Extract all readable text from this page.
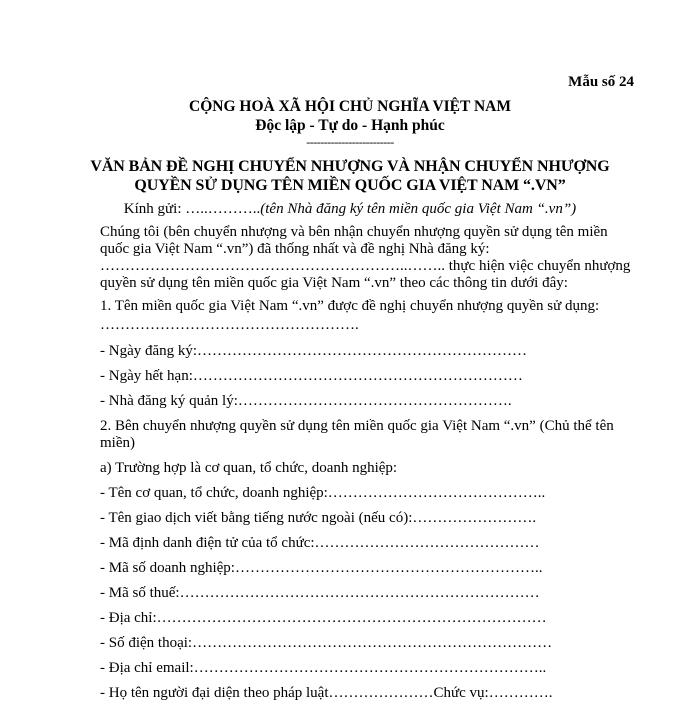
Mẫu số 24
CỘNG HOÀ XÃ HỘI CHỦ NGHĨA VIỆT NAM
Độc lập - Tự do - Hạnh phúc
-------------------------
VĂN BẢN ĐỀ NGHỊ CHUYỂN NHƯỢNG VÀ NHẬN CHUYỂN NHƯỢNG
QUYỀN SỬ DỤNG TÊN MIỀN QUỐC GIA VIỆT NAM “.VN”
Kính gửi: …..………..(tên Nhà đăng ký tên miền quốc gia Việt Nam “.vn”)

Chúng tôi (bên chuyển nhượng và bên nhận chuyển nhượng quyền sử dụng tên miền quốc gia Việt Nam “.vn”) đã thống nhất và đề nghị Nhà đăng ký: ……………………………………………………..…….. thực hiện việc chuyển nhượng quyền sử dụng tên miền quốc gia Việt Nam “.vn” theo các thông tin dưới đây:

1. Tên miền quốc gia Việt Nam “.vn” được đề nghị chuyển nhượng quyền sử dụng:

…………………………………………….

- Ngày đăng ký:…………………………………………………………

- Ngày hết hạn:…………………………………………………………

- Nhà đăng ký quản lý:……………………………………………….

2. Bên chuyển nhượng quyền sử dụng tên miền quốc gia Việt Nam “.vn” (Chủ thể tên miền)

a) Trường hợp là cơ quan, tổ chức, doanh nghiệp:

- Tên cơ quan, tổ chức, doanh nghiệp:……………………………………..

- Tên giao dịch viết bằng tiếng nước ngoài (nếu có):…………………….

- Mã định danh điện tử của tổ chức:………………………………………

- Mã số doanh nghiệp:……………………………………………………..

- Mã số thuế:………………………………………………………………

- Địa chỉ:……………………………………………………………………

- Số điện thoại:………………………………………………………………

- Địa chỉ email:……………………………………………………………..

- Họ tên người đại diện theo pháp luật…………………Chức vụ:………….
